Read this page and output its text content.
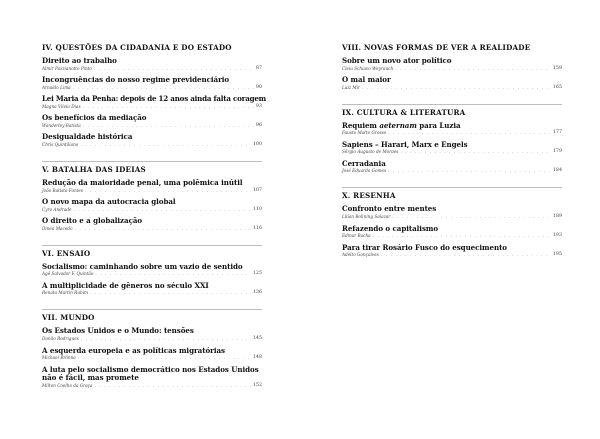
IV. QUESTÕES DA CIDADANIA E DO ESTADO
Direito ao trabalho
Almir Pazzianotto Pinto . . .	87
Incongruências do nosso regime previdenciário
Arnaldo Lima . . .	90
Lei Maria da Penha: depois de 12 anos ainda falta coragem
Magna Vilela Dias . . .	93
Os benefícios da mediação
Wanderley Batista . . .	96
Desigualdade histórica
Chris Quintiliano . . .	100
V. BATALHA DAS IDEIAS
Redução da maioridade penal, uma polêmica inútil
João Batista Fontes . . .	107
O novo mapa da autocracia global
Cyro Andrade . . .	110
O direito e a globalização
Dinéa Macedo . . .	116
VI. ENSAIO
Socialismo: caminhando sobre um vazio de sentido
Agê Salvador F. Quintão . . .	125
A multiplicidade de gêneros no século XXI
Renata Martin Rubim . . .	136
VII. MUNDO
Os Estados Unidos e o Mundo: tensões
Danilo Rodrigues . . .	145
A esquerda europeia e as políticas migratórias
Michael Brönna . . .	148
A luta pelo socialismo democrático nos Estados Unidos não é fácil, mas promete
Milton Coelho da Graça . . .	152
VIII. NOVAS FORMAS DE VER A REALIDADE
Sobre um novo ator político
Cleia Schiavo Weyrauch . . .	159
O mal maior
Luiz Mir . . .	165
IX. CULTURA & LITERATURA
Requiem aeternam para Luzia
Fausto Matto Grosso . . .	177
Sapiens – Harari, Marx e Engels
Sérgio Augusto de Moraes . . .	179
Cerradania
José Eduardo Gomes . . .	184
X. RESENHA
Confronto entre mentes
Lilian Bohning Salazar . . .	189
Refazendo o capitalismo
Edmar Bacha . . .	193
Para tirar Rosário Fusco do esquecimento
Adelto Gonçalves . . .	195
